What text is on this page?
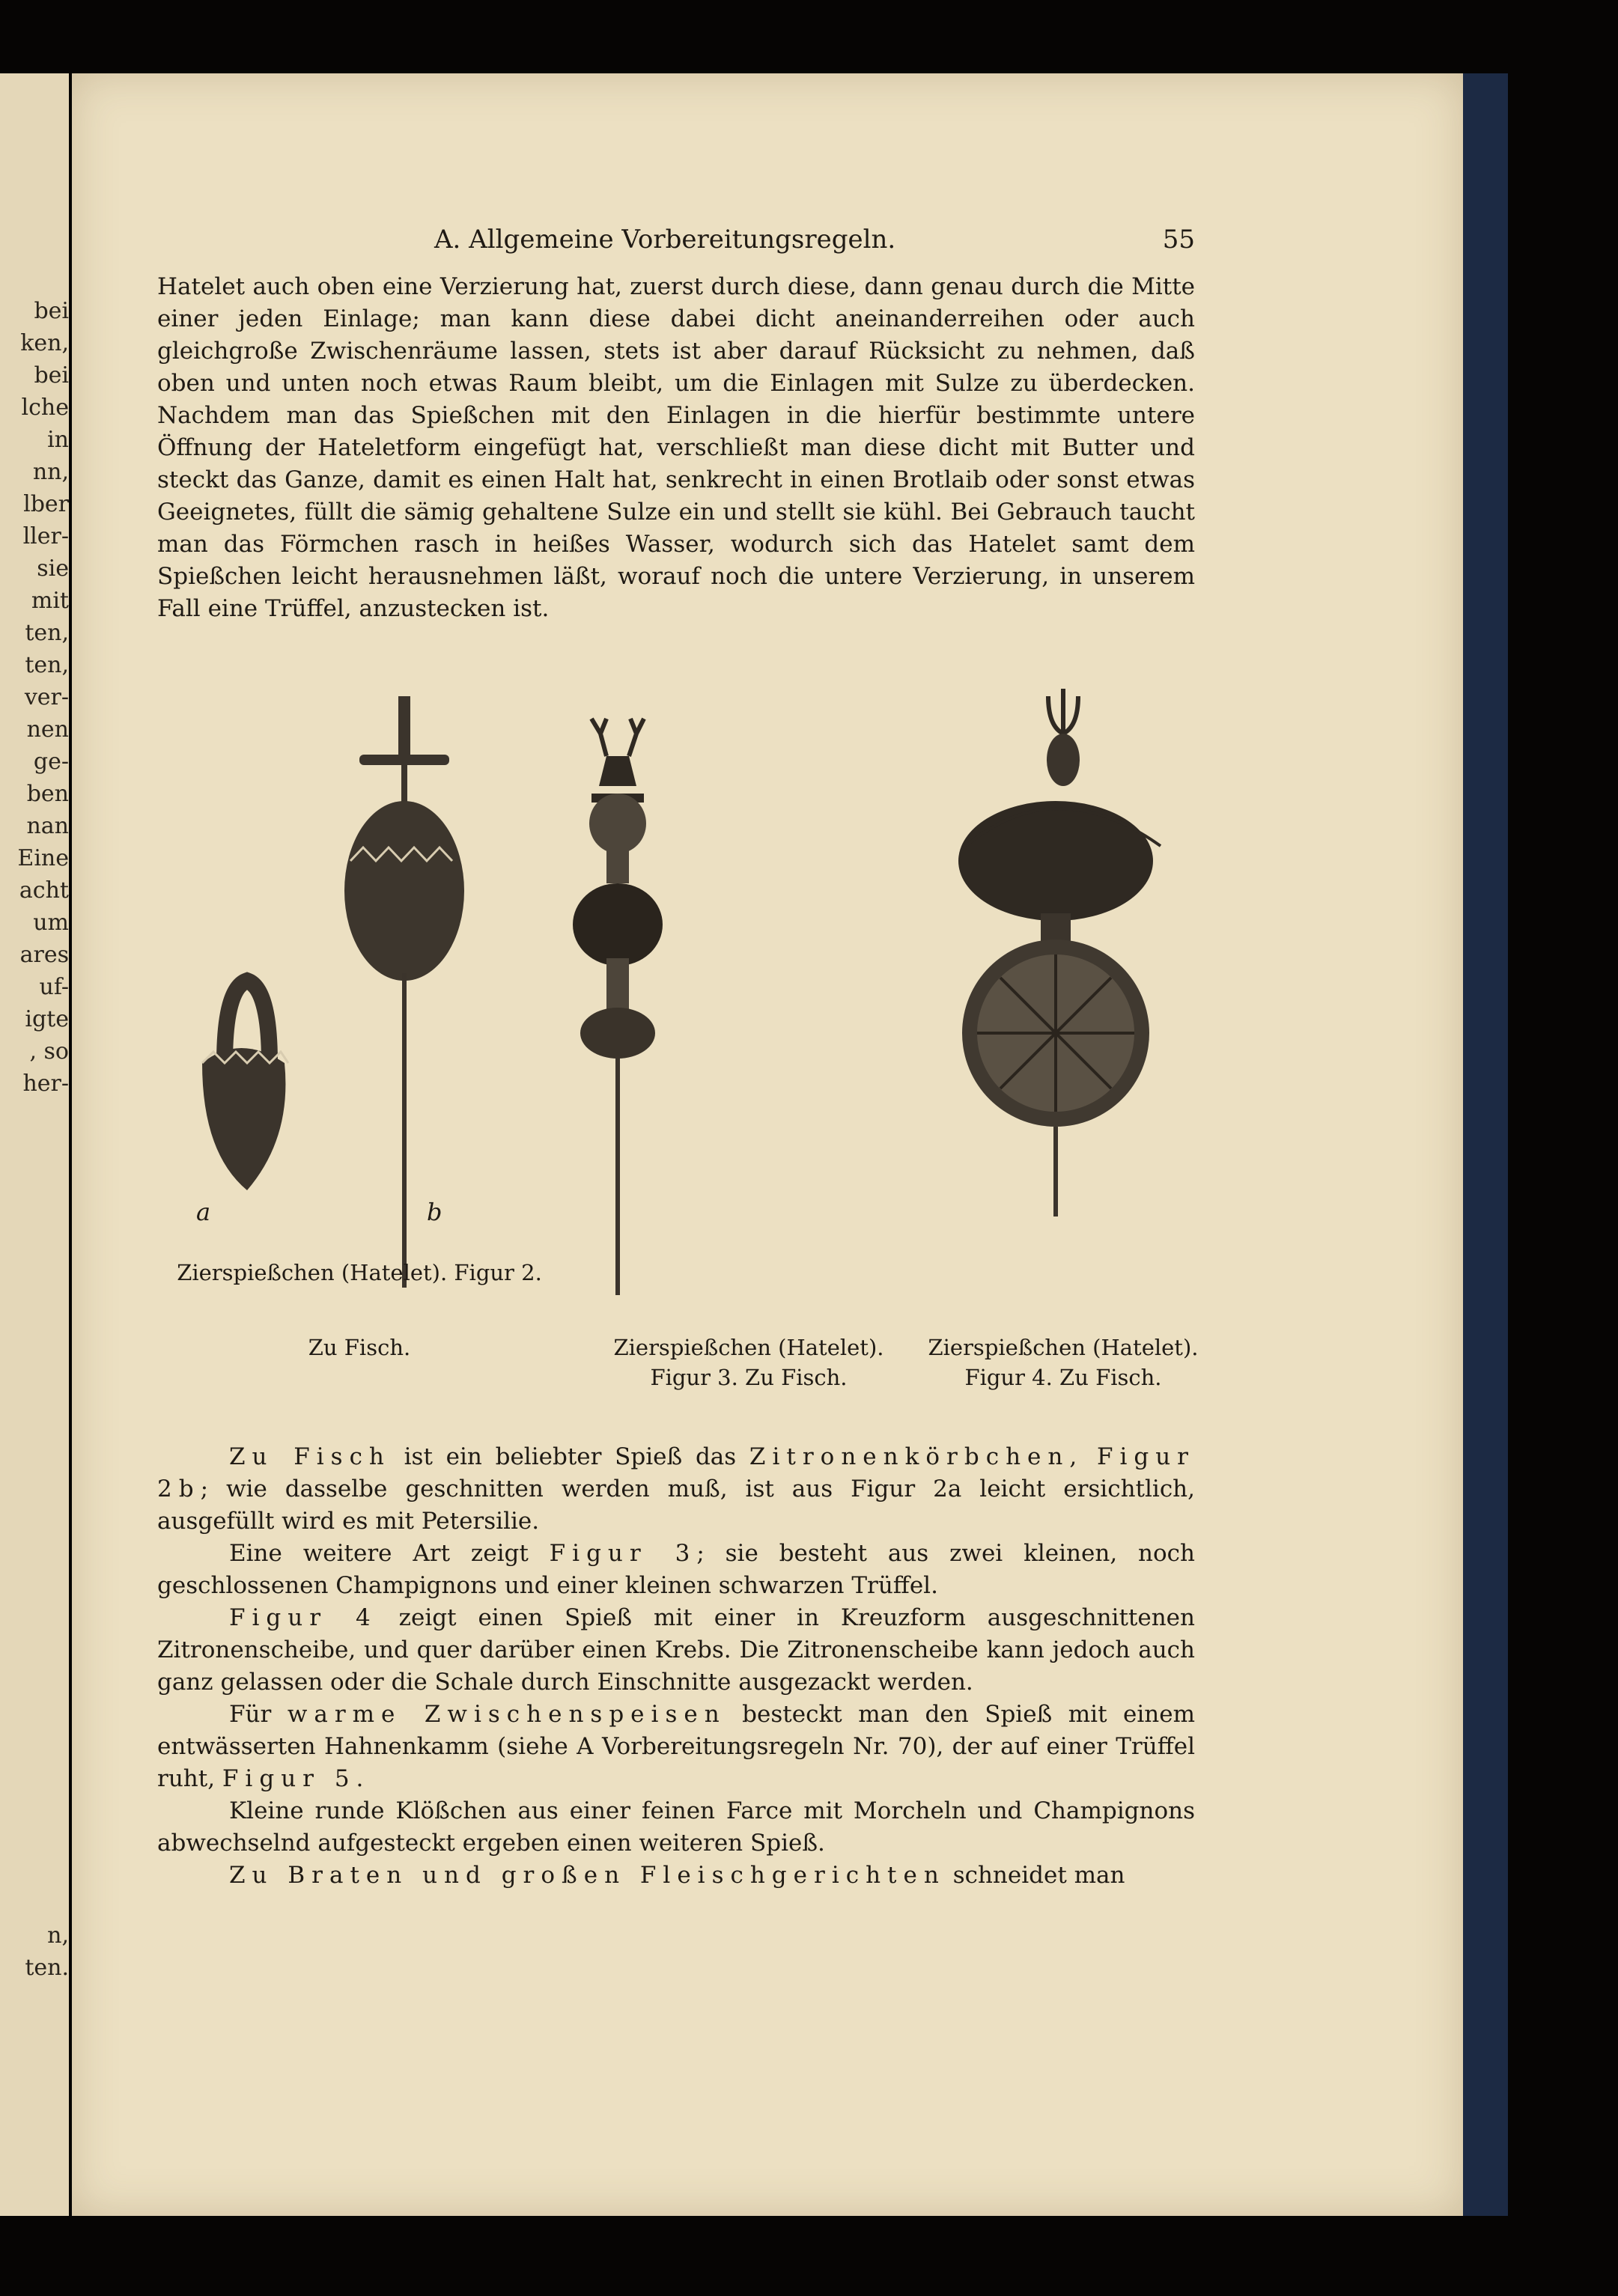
bei
ken,
bei
lche
in
nn,
lber
ller-
sie
mit
ten,
ten,
ver-
nen
ge-
ben
nan
Eine
acht
um
ares
uf-
igte
, so
her-
n,
ten.
A. Allgemeine Vorbereitungsregeln.	55
Hatelet auch oben eine Verzierung hat, zuerst durch diese, dann genau durch die Mitte einer jeden Einlage; man kann diese dabei dicht aneinanderreihen oder auch gleichgroße Zwischenräume lassen, stets ist aber darauf Rücksicht zu nehmen, daß oben und unten noch etwas Raum bleibt, um die Einlagen mit Sulze zu überdecken. Nachdem man das Spießchen mit den Einlagen in die hierfür bestimmte untere Öffnung der Hateletform eingefügt hat, verschließt man diese dicht mit Butter und steckt das Ganze, damit es einen Halt hat, senkrecht in einen Brotlaib oder sonst etwas Geeignetes, füllt die sämig gehaltene Sulze ein und stellt sie kühl. Bei Gebrauch taucht man das Förmchen rasch in heißes Wasser, wodurch sich das Hatelet samt dem Spießchen leicht herausnehmen läßt, worauf noch die untere Verzierung, in unserem Fall eine Trüffel, anzustecken ist.
a	b
Zierspießchen (Hatelet). Figur 2.
Zu Fisch.	Zierspießchen (Hatelet).
Figur 3. Zu Fisch.
Zierspießchen (Hatelet).
Figur 4. Zu Fisch.
Zu Fisch ist ein beliebter Spieß das Zitronenkörbchen, Figur 2b; wie dasselbe geschnitten werden muß, ist aus Figur 2a leicht ersichtlich, ausgefüllt wird es mit Petersilie.
Eine weitere Art zeigt Figur 3; sie besteht aus zwei kleinen, noch geschlossenen Champignons und einer kleinen schwarzen Trüffel.
Figur 4 zeigt einen Spieß mit einer in Kreuzform ausgeschnittenen Zitronenscheibe, und quer darüber einen Krebs. Die Zitronenscheibe kann jedoch auch ganz gelassen oder die Schale durch Einschnitte ausgezackt werden.
Für warme Zwischenspeisen besteckt man den Spieß mit einem entwässerten Hahnenkamm (siehe A Vorbereitungsregeln Nr. 70), der auf einer Trüffel ruht, Figur 5.
Kleine runde Klößchen aus einer feinen Farce mit Morcheln und Champignons abwechselnd aufgesteckt ergeben einen weiteren Spieß.
Zu Braten und großen Fleischgerichten schneidet man
